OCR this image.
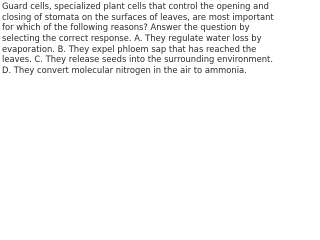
Guard cells, specialized plant cells that control the opening and
closing of stomata on the surfaces of leaves, are most important
for which of the following reasons? Answer the question by
selecting the correct response. A. They regulate water loss by
evaporation. B. They expel phloem sap that has reached the
leaves. C. They release seeds into the surrounding environment.
D. They convert molecular nitrogen in the air to ammonia.
